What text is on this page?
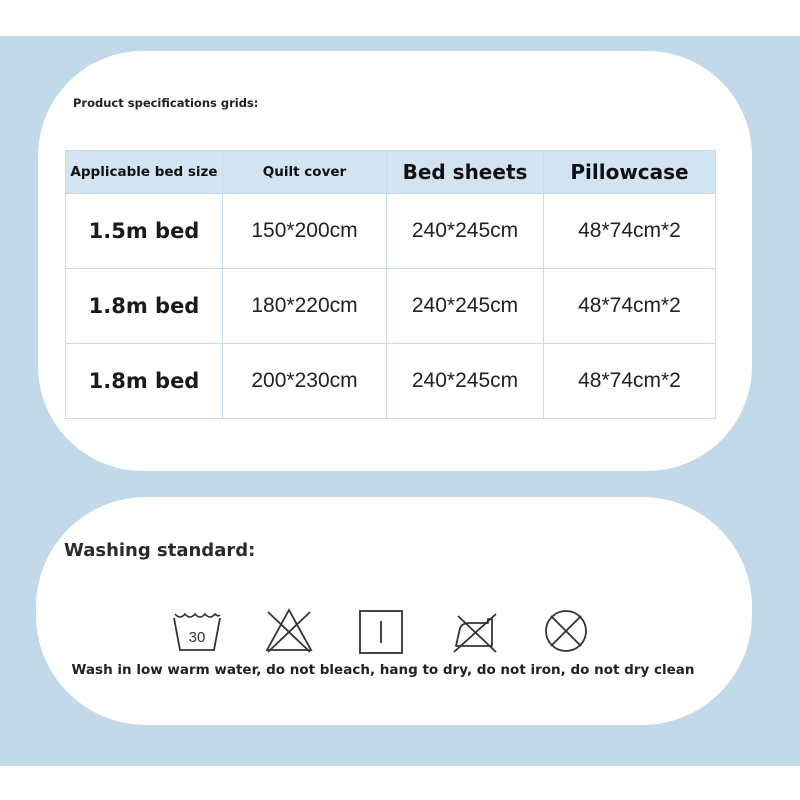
Product specifications grids:
Applicable bed size	Quilt cover	Bed sheets	Pillowcase
1.5m bed	150*200cm	240*245cm	48*74cm*2
1.8m bed	180*220cm	240*245cm	48*74cm*2
1.8m bed	200*230cm	240*245cm	48*74cm*2
Washing standard:
30
Wash in low warm water, do not bleach, hang to dry, do not iron, do not dry clean
